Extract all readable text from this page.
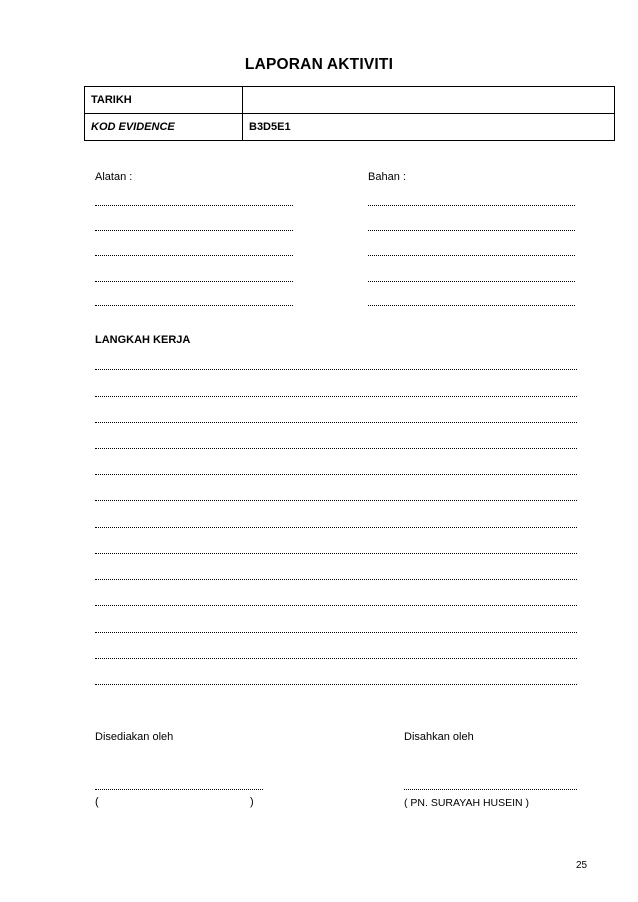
LAPORAN AKTIVITI
TARIKH	
KOD EVIDENCE	B3D5E1
Alatan :	Bahan :
LANGKAH KERJA
Disediakan oleh	Disahkan oleh
(	)	( PN. SURAYAH HUSEIN )
25
